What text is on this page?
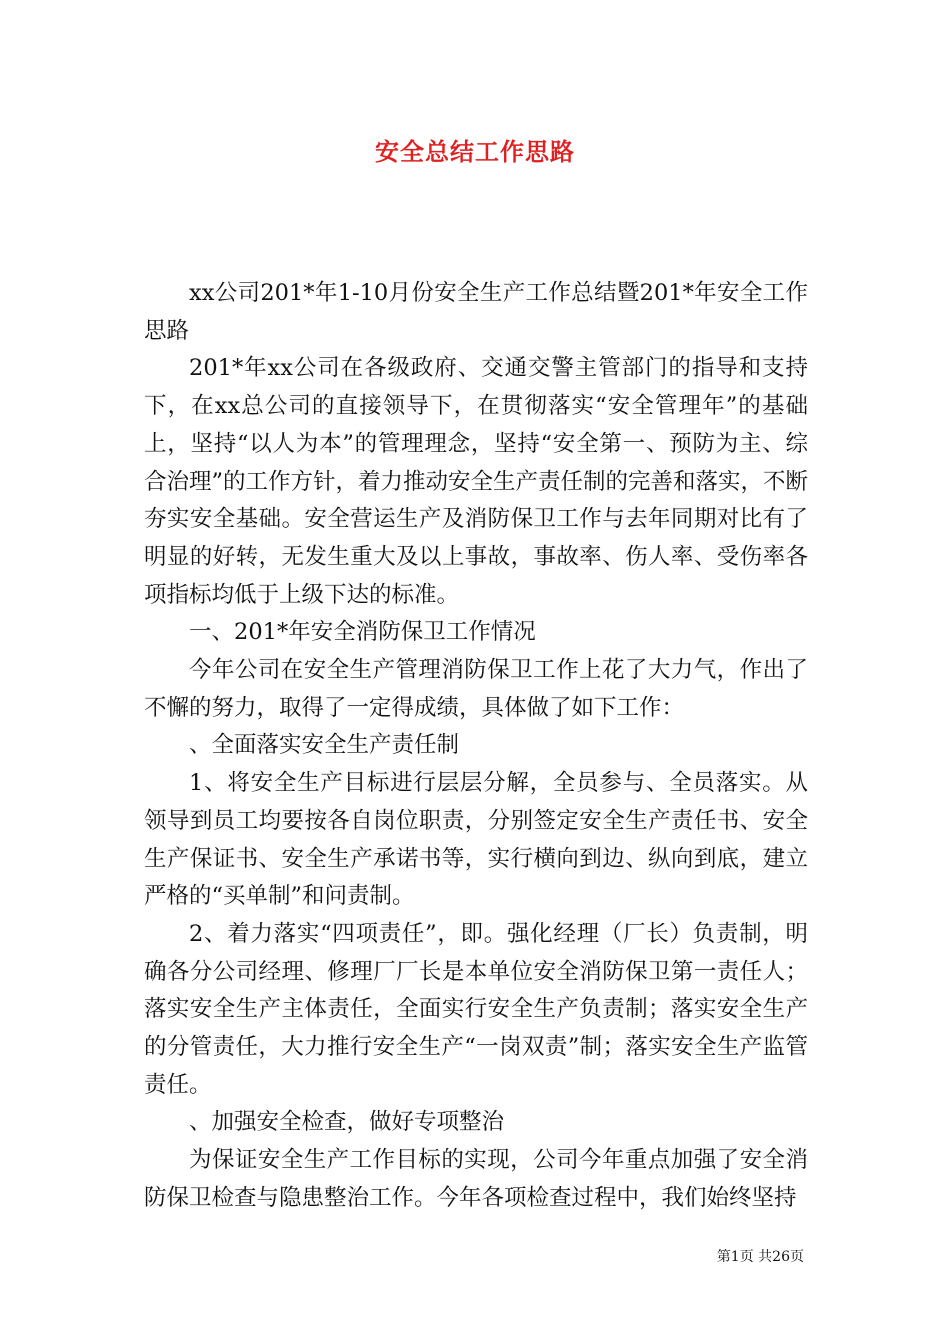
安全总结工作思路

xx公司201*年1-10月份安全生产工作总结暨201*年安全工作思路

201*年xx公司在各级政府、交通交警主管部门的指导和支持下，在xx总公司的直接领导下，在贯彻落实“安全管理年”的基础上，坚持“以人为本”的管理理念，坚持“安全第一、预防为主、综合治理”的工作方针，着力推动安全生产责任制的完善和落实，不断夯实安全基础。安全营运生产及消防保卫工作与去年同期对比有了明显的好转，无发生重大及以上事故，事故率、伤人率、受伤率各项指标均低于上级下达的标准。

一、201*年安全消防保卫工作情况

今年公司在安全生产管理消防保卫工作上花了大力气，作出了不懈的努力，取得了一定得成绩，具体做了如下工作：

、全面落实安全生产责任制

1、将安全生产目标进行层层分解，全员参与、全员落实。从领导到员工均要按各自岗位职责，分别签定安全生产责任书、安全生产保证书、安全生产承诺书等，实行横向到边、纵向到底，建立严格的“买单制”和问责制。

2、着力落实“四项责任”，即。强化经理（厂长）负责制，明确各分公司经理、修理厂厂长是本单位安全消防保卫第一责任人；落实安全生产主体责任，全面实行安全生产负责制；落实安全生产的分管责任，大力推行安全生产“一岗双责”制；落实安全生产监管责任。

、加强安全检查，做好专项整治

为保证安全生产工作目标的实现，公司今年重点加强了安全消防保卫检查与隐患整治工作。今年各项检查过程中，我们始终坚持

第1页 共26页
